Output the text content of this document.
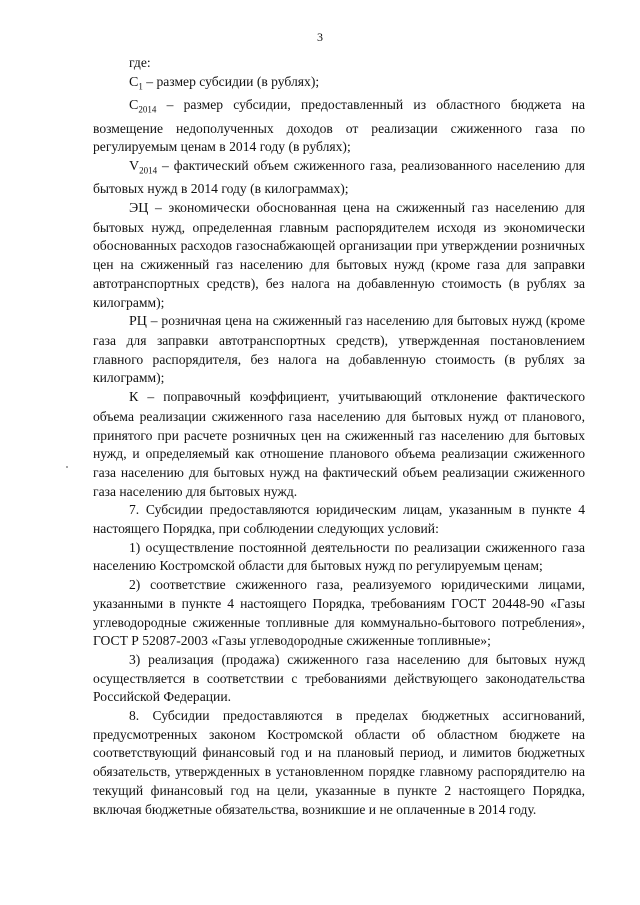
3

где:

$С_1$ – размер субсидии (в рублях);

$С_{2014}$ – размер субсидии, предоставленный из областного бюджета на возмещение недополученных доходов от реализации сжиженного газа по регулируемым ценам в 2014 году (в рублях);

$V_{2014}$ – фактический объем сжиженного газа, реализованного населению для бытовых нужд в 2014 году (в килограммах);

ЭЦ – экономически обоснованная цена на сжиженный газ населению для бытовых нужд, определенная главным распорядителем исходя из экономически обоснованных расходов газоснабжающей организации при утверждении розничных цен на сжиженный газ населению для бытовых нужд (кроме газа для заправки автотранспортных средств), без налога на добавленную стоимость (в рублях за килограмм);

РЦ – розничная цена на сжиженный газ населению для бытовых нужд (кроме газа для заправки автотранспортных средств), утвержденная постановлением главного распорядителя, без налога на добавленную стоимость (в рублях за килограмм);

К – поправочный коэффициент, учитывающий отклонение фактического объема реализации сжиженного газа населению для бытовых нужд от планового, принятого при расчете розничных цен на сжиженный газ населению для бытовых нужд, и определяемый как отношение планового объема реализации сжиженного газа населению для бытовых нужд на фактический объем реализации сжиженного газа населению для бытовых нужд.

7. Субсидии предоставляются юридическим лицам, указанным в пункте 4 настоящего Порядка, при соблюдении следующих условий:

1) осуществление постоянной деятельности по реализации сжиженного газа населению Костромской области для бытовых нужд по регулируемым ценам;

2) соответствие сжиженного газа, реализуемого юридическими лицами, указанными в пункте 4 настоящего Порядка, требованиям ГОСТ 20448-90 «Газы углеводородные сжиженные топливные для коммунально-бытового потребления», ГОСТ Р 52087-2003 «Газы углеводородные сжиженные топливные»;

3) реализация (продажа) сжиженного газа населению для бытовых нужд осуществляется в соответствии с требованиями действующего законодательства Российской Федерации.

8. Субсидии предоставляются в пределах бюджетных ассигнований, предусмотренных законом Костромской области об областном бюджете на соответствующий финансовый год и на плановый период, и лимитов бюджетных обязательств, утвержденных в установленном порядке главному распорядителю на текущий финансовый год на цели, указанные в пункте 2 настоящего Порядка, включая бюджетные обязательства, возникшие и не оплаченные в 2014 году.
